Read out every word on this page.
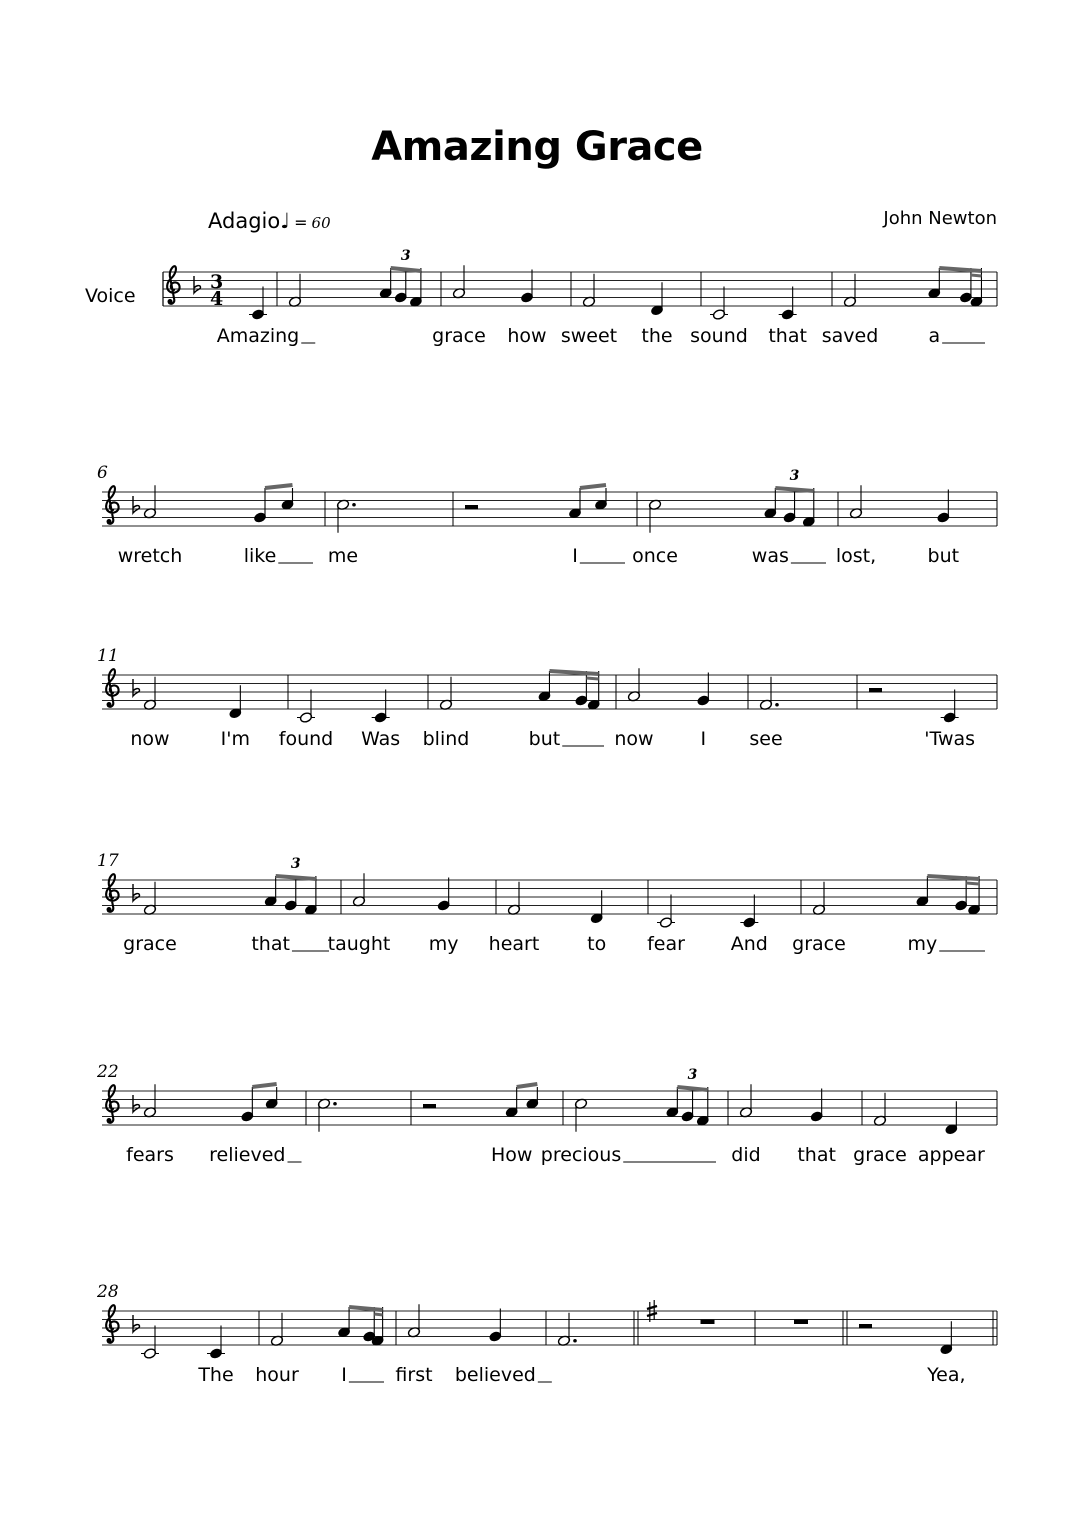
Amazing Grace
Adagio♩ = 60	John Newton
Voice
3
4
Amazing
3
grace how sweet the sound that saved	a
6
wretch	like	me	I	once	was
3
lost,	but
11
now	I'm found Was blind	but	now I see	'Twas
17
grace	that
3
taught my heart	to fear And grace	my
22
fears relieved	How precious
3
did that grace appear
28
The hour I	first believed	Yea,
